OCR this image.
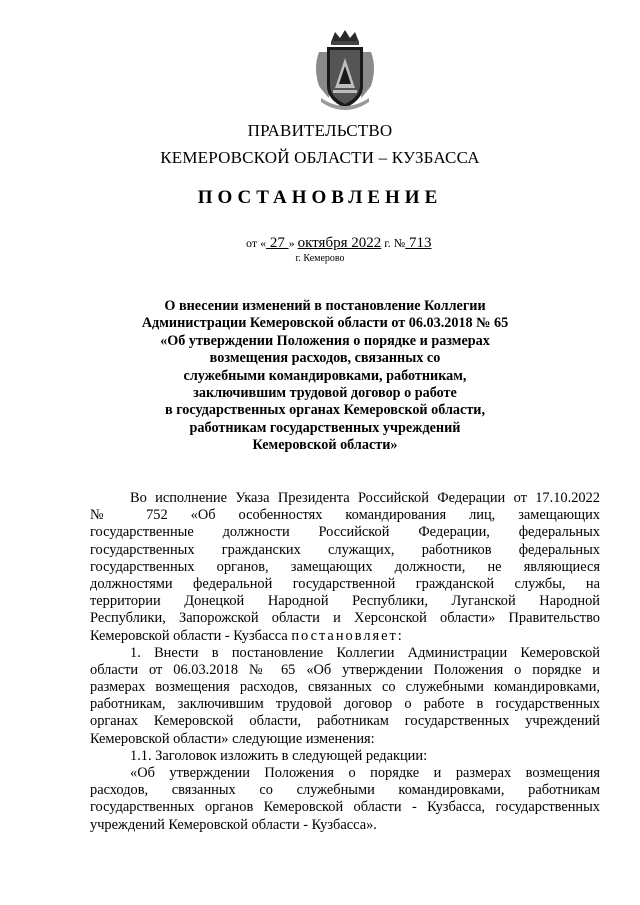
ПРАВИТЕЛЬСТВО
КЕМЕРОВСКОЙ ОБЛАСТИ – КУЗБАССА
ПОСТАНОВЛЕНИЕ
от « 27 » октября 2022 г. № 713
г. Кемерово
О внесении изменений в постановление Коллегии
Администрации Кемеровской области от 06.03.2018 № 65
«Об утверждении Положения о порядке и размерах
возмещения расходов, связанных со
служебными командировками, работникам,
заключившим трудовой договор о работе
в государственных органах Кемеровской области,
работникам государственных учреждений
Кемеровской области»
Во исполнение Указа Президента Российской Федерации от 17.10.2022
№ 752 «Об особенностях командирования лиц, замещающих
государственные должности Российской Федерации, федеральных
государственных гражданских служащих, работников федеральных
государственных органов, замещающих должности, не являющиеся
должностями федеральной государственной гражданской службы, на
территории Донецкой Народной Республики, Луганской Народной
Республики, Запорожской области и Херсонской области» Правительство
Кемеровской области - Кузбасса постановляет:
1. Внести в постановление Коллегии Администрации Кемеровской
области от 06.03.2018 № 65 «Об утверждении Положения о порядке и
размерах возмещения расходов, связанных со служебными командировками,
работникам, заключившим трудовой договор о работе в государственных
органах Кемеровской области, работникам государственных учреждений
Кемеровской области» следующие изменения:
1.1. Заголовок изложить в следующей редакции:
«Об утверждении Положения о порядке и размерах возмещения
расходов, связанных со служебными командировками, работникам
государственных органов Кемеровской области - Кузбасса, государственных
учреждений Кемеровской области - Кузбасса».
